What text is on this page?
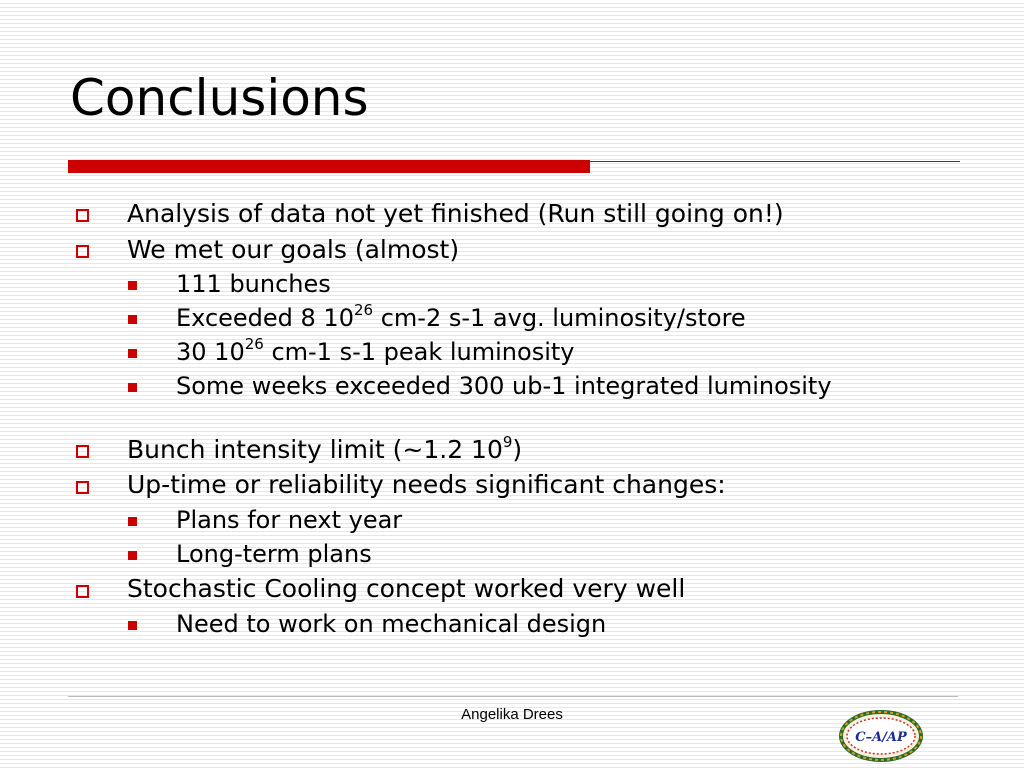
Conclusions
Analysis of data not yet finished (Run still going on!)
We met our goals (almost)
111 bunches
Exceeded 8 $10^{26}$ cm-2 s-1 avg. luminosity/store
30 $10^{26}$ cm-1 s-1 peak luminosity
Some weeks exceeded 300 ub-1 integrated luminosity
Bunch intensity limit (~1.2 $10^9$)
Up-time or reliability needs significant changes:
Plans for next year
Long-term plans
Stochastic Cooling concept worked very well
Need to work on mechanical design
Angelika Drees
C–A/AP
